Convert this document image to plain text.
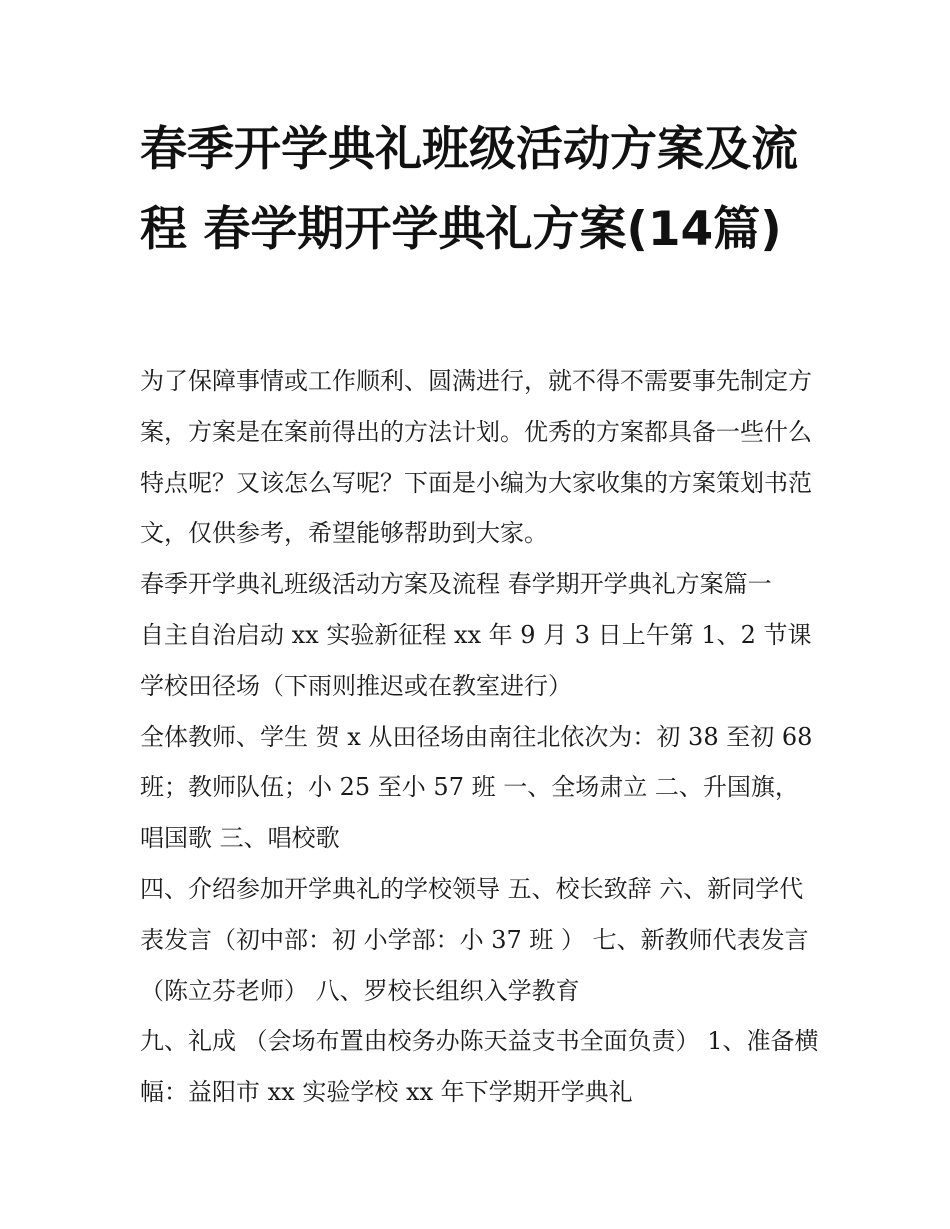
春季开学典礼班级活动方案及流程 春学期开学典礼方案(14篇)

为了保障事情或工作顺利、圆满进行，就不得不需要事先制定方案，方案是在案前得出的方法计划。优秀的方案都具备一些什么特点呢？又该怎么写呢？下面是小编为大家收集的方案策划书范文，仅供参考，希望能够帮助到大家。

春季开学典礼班级活动方案及流程 春学期开学典礼方案篇一

自主自治启动 xx 实验新征程 xx 年 9 月 3 日上午第 1、2 节课

学校田径场（下雨则推迟或在教室进行）

全体教师、学生 贺 x 从田径场由南往北依次为：初 38 至初 68 班；教师队伍；小 25 至小 57 班 一、全场肃立 二、升国旗，唱国歌 三、唱校歌

四、介绍参加开学典礼的学校领导 五、校长致辞 六、新同学代表发言（初中部：初 小学部：小 37 班 ） 七、新教师代表发言（陈立芬老师） 八、罗校长组织入学教育

九、礼成 （会场布置由校务办陈天益支书全面负责） 1、准备横幅：益阳市 xx 实验学校 xx 年下学期开学典礼
